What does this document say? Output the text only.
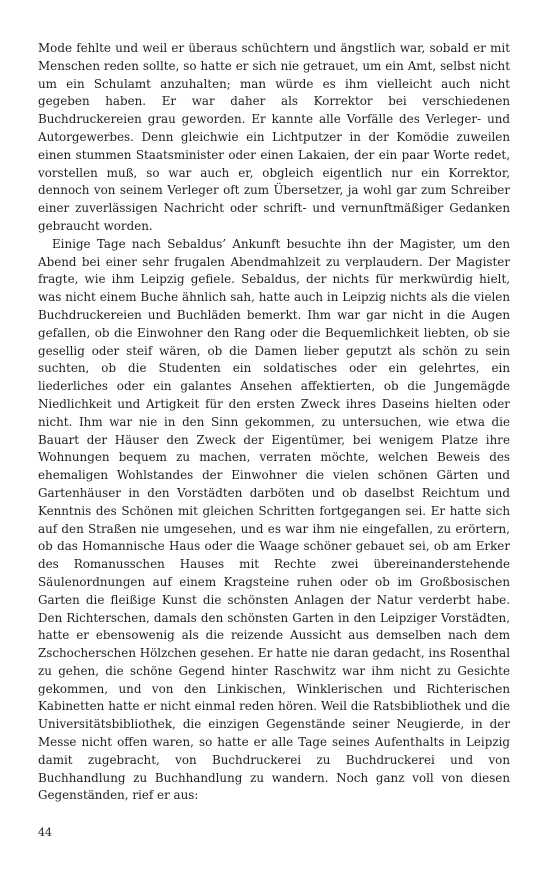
Mode fehlte und weil er überaus schüchtern und ängstlich war, sobald er mit Menschen reden sollte, so hatte er sich nie getrauet, um ein Amt, selbst nicht um ein Schulamt anzuhalten; man würde es ihm vielleicht auch nicht gegeben haben. Er war daher als Korrektor bei verschiedenen Buchdruckereien grau geworden. Er kannte alle Vorfälle des Verleger- und Autorgewerbes. Denn gleichwie ein Lichtputzer in der Komödie zuweilen einen stummen Staatsminister oder einen Lakaien, der ein paar Worte redet, vorstellen muß, so war auch er, obgleich eigentlich nur ein Korrektor, dennoch von seinem Verleger oft zum Übersetzer, ja wohl gar zum Schreiber einer zuverlässigen Nachricht oder schrift- und vernunftmäßiger Gedanken gebraucht worden.

Einige Tage nach Sebaldus’ Ankunft besuchte ihn der Magister, um den Abend bei einer sehr frugalen Abendmahlzeit zu verplaudern. Der Magister fragte, wie ihm Leipzig gefiele. Sebaldus, der nichts für merkwürdig hielt, was nicht einem Buche ähnlich sah, hatte auch in Leipzig nichts als die vielen Buchdruckereien und Buchläden bemerkt. Ihm war gar nicht in die Augen gefallen, ob die Einwohner den Rang oder die Bequemlichkeit liebten, ob sie gesellig oder steif wären, ob die Damen lieber geputzt als schön zu sein suchten, ob die Studenten ein soldatisches oder ein gelehrtes, ein liederliches oder ein galantes Ansehen affektierten, ob die Jungemägde Niedlichkeit und Artigkeit für den ersten Zweck ihres Daseins hielten oder nicht. Ihm war nie in den Sinn gekommen, zu untersuchen, wie etwa die Bauart der Häuser den Zweck der Eigentümer, bei wenigem Platze ihre Wohnungen bequem zu machen, verraten möchte, welchen Beweis des ehemaligen Wohlstandes der Einwohner die vielen schönen Gärten und Gartenhäuser in den Vorstädten darböten und ob daselbst Reichtum und Kenntnis des Schönen mit gleichen Schritten fortgegangen sei. Er hatte sich auf den Straßen nie umgesehen, und es war ihm nie eingefallen, zu erörtern, ob das Homannische Haus oder die Waage schöner gebauet sei, ob am Erker des Romanusschen Hauses mit Rechte zwei übereinanderstehende Säulenordnungen auf einem Kragsteine ruhen oder ob im Großbosischen Garten die fleißige Kunst die schönsten Anlagen der Natur verderbt habe. Den Richterschen, damals den schönsten Garten in den Leipziger Vorstädten, hatte er ebensowenig als die reizende Aussicht aus demselben nach dem Zschocherschen Hölzchen gesehen. Er hatte nie daran gedacht, ins Rosenthal zu gehen, die schöne Gegend hinter Raschwitz war ihm nicht zu Gesichte gekommen, und von den Linkischen, Winklerischen und Richterischen Kabinetten hatte er nicht einmal reden hören. Weil die Ratsbibliothek und die Universitätsbibliothek, die einzigen Gegenstände seiner Neugierde, in der Messe nicht offen waren, so hatte er alle Tage seines Aufenthalts in Leipzig damit zugebracht, von Buchdruckerei zu Buchdruckerei und von Buchhandlung zu Buchhandlung zu wandern. Noch ganz voll von diesen Gegenständen, rief er aus:

44
